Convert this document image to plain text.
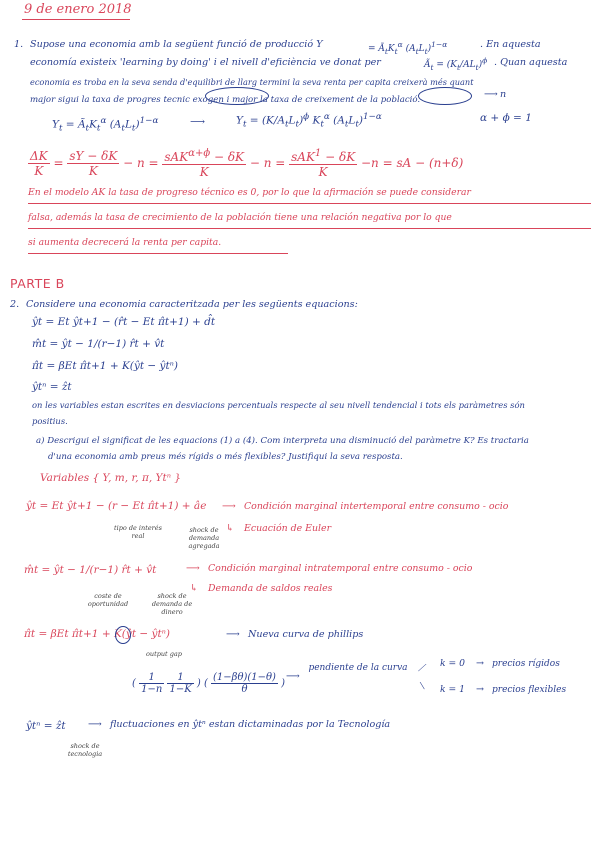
9 de enero 2018
1. Supose una economia amb la següent funció de producció Y	= $Ã_tK_t^\alpha$ $(A_tL_t)^{1-\alpha}$	. En aquesta
economía existeix 'learning by doing' i el nivell d'eficiència ve donat per	$Ã_t = (K_t/AL_t)^\phi$ . Quan aquesta
economia es troba en la seva senda d'equilibri de llarg termini la seva renta per capita creixerà més quant
major sigui la taxa de progres tecnic exogen i major la taxa de creixement de la població.	⟶ n
$Y_t$ = $Ã_tK_t^\alpha$ $(A_tL_t)^{1-\alpha}$	⟶	$Y_t = (K/A_tL_t)^\phi$ $K_t^\alpha$ $(A_tL_t)^{1-\alpha}$	α + ϕ = 1
$\frac{\Delta K}{K} = \frac{sY - \delta K}{K} - n = \frac{sAK^{\alpha+\phi} - \delta K}{K} - n = \frac{sAK^1 - \delta K}{K} -n$ = sA − (n+δ)
En el modelo AK la tasa de progreso técnico es 0, por lo que la afirmación se puede considerar
falsa, además la tasa de crecimiento de la población tiene una relación negativa por lo que
si aumenta decrecerá la renta per capita.
PARTE B
2. Considere una economia caracteritzada per les següents equacions:
ŷt = Et ŷt+1 − (r̂t − Et π̂t+1) + d̂t
m̂t = ŷt − 1/(r−1) r̂t + v̂t
π̂t = βEt π̂t+1 + K(ŷt − ŷtⁿ)
ŷtⁿ = ẑt
on les variables estan escrites en desviacions percentuals respecte al seu nivell tendencial i tots els paràmetres són
positius.
a) Descrigui el significat de les equacions (1) a (4). Com interpreta una disminució del paràmetre K? Es tractaria
d'una economia amb preus més rígids o més flexibles? Justifiqui la seva resposta.
Variables { Y, m, r, π, Ytⁿ }
ŷt = Et ŷt+1 − (r − Et π̂t+1) + âe ⟶ Condición marginal intertemporal entre consumo - ocio
↳ Ecuación de Euler
tipo de interés real
shock de demanda agregada
m̂t = ŷt − 1/(r−1) r̂t + v̂t	⟶ Condición marginal intratemporal entre consumo - ocio
↳ Demanda de saldos reales
coste de oportunidad
shock de demanda de dinero
π̂t = βEt π̂t+1 + K(ŷt − ŷtⁿ)	⟶ Nueva curva de phillips
output gap
( $\frac{1}{1-n}$
$\frac{1}{1-K}$ ) ( $\frac{(1-\beta\theta)(1-\theta)}{\theta}$ )
⟶
pendiente de la curva ⟋
⟍
k = 0 → precios rígidos
k = 1 → precios flexibles
ŷtⁿ = ẑt ⟶ fluctuaciones en ŷtⁿ estan dictaminadas por la Tecnología
shock de tecnologia
